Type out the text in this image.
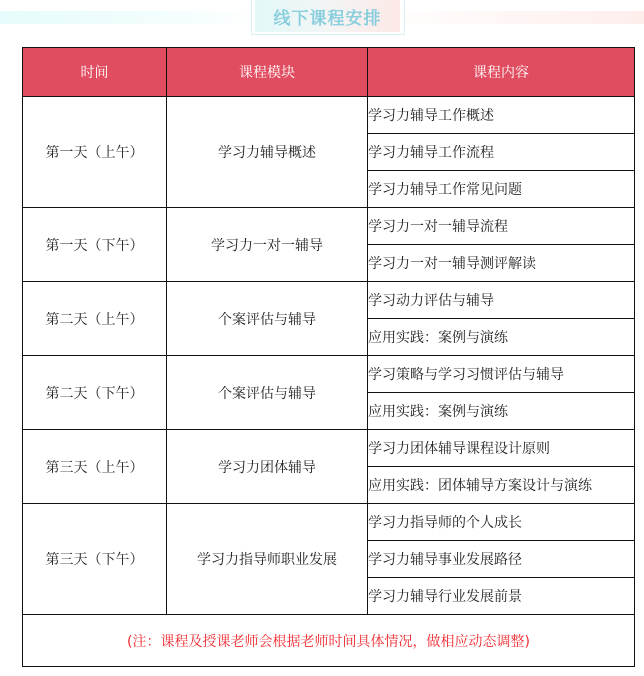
线下课程安排
时间	课程模块	课程内容
第一天（上午）	学习力辅导概述	学习力辅导工作概述
		学习力辅导工作流程
		学习力辅导工作常见问题
第一天（下午）	学习力一对一辅导	学习力一对一辅导流程
		学习力一对一辅导测评解读
第二天（上午）	个案评估与辅导	学习动力评估与辅导
		应用实践：案例与演练
第二天（下午）	个案评估与辅导	学习策略与学习习惯评估与辅导
		应用实践：案例与演练
第三天（上午）	学习力团体辅导	学习力团体辅导课程设计原则
		应用实践：团体辅导方案设计与演练
第三天（下午）	学习力指导师职业发展	学习力指导师的个人成长
		学习力辅导事业发展路径
		学习力辅导行业发展前景
(注：课程及授课老师会根据老师时间具体情况，做相应动态调整)		
